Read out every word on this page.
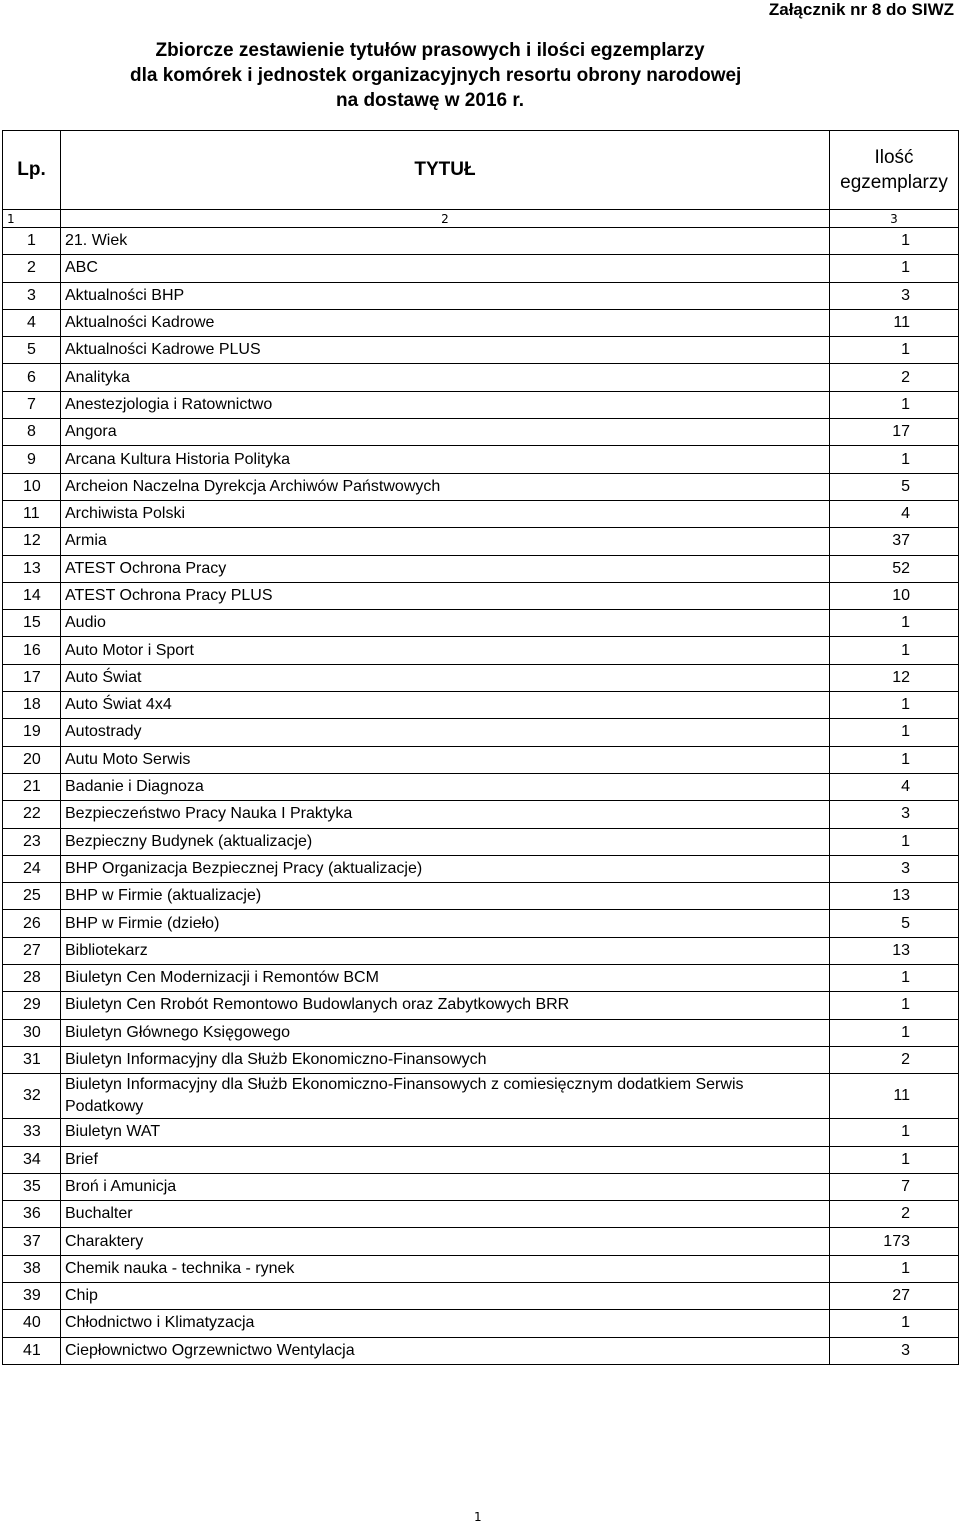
Załącznik nr 8 do SIWZ
Zbiorcze zestawienie tytułów prasowych i ilości egzemplarzy
dla komórek i jednostek organizacyjnych resortu obrony narodowej
na dostawę w 2016 r.
Lp.	TYTUŁ	Ilość
egzemplarzy
1	2	3
1	21. Wiek	1
2	ABC	1
3	Aktualności BHP	3
4	Aktualności Kadrowe	11
5	Aktualności Kadrowe PLUS	1
6	Analityka	2
7	Anestezjologia i Ratownictwo	1
8	Angora	17
9	Arcana Kultura Historia Polityka	1
10	Archeion Naczelna Dyrekcja Archiwów Państwowych	5
11	Archiwista Polski	4
12	Armia	37
13	ATEST Ochrona Pracy	52
14	ATEST Ochrona Pracy PLUS	10
15	Audio	1
16	Auto Motor i Sport	1
17	Auto Świat	12
18	Auto Świat 4x4	1
19	Autostrady	1
20	Autu Moto Serwis	1
21	Badanie i Diagnoza	4
22	Bezpieczeństwo Pracy Nauka I Praktyka	3
23	Bezpieczny Budynek (aktualizacje)	1
24	BHP Organizacja Bezpiecznej Pracy (aktualizacje)	3
25	BHP w Firmie (aktualizacje)	13
26	BHP w Firmie (dzieło)	5
27	Bibliotekarz	13
28	Biuletyn Cen Modernizacji i Remontów BCM	1
29	Biuletyn Cen Rrobót Remontowo Budowlanych oraz Zabytkowych BRR	1
30	Biuletyn Głównego Księgowego	1
31	Biuletyn Informacyjny dla Służb Ekonomiczno-Finansowych	2
32	Biuletyn Informacyjny dla Służb Ekonomiczno-Finansowych z comiesięcznym dodatkiem Serwis Podatkowy	11
33	Biuletyn WAT	1
34	Brief	1
35	Broń i Amunicja	7
36	Buchalter	2
37	Charaktery	173
38	Chemik nauka - technika - rynek	1
39	Chip	27
40	Chłodnictwo i Klimatyzacja	1
41	Ciepłownictwo Ogrzewnictwo Wentylacja	3
1
